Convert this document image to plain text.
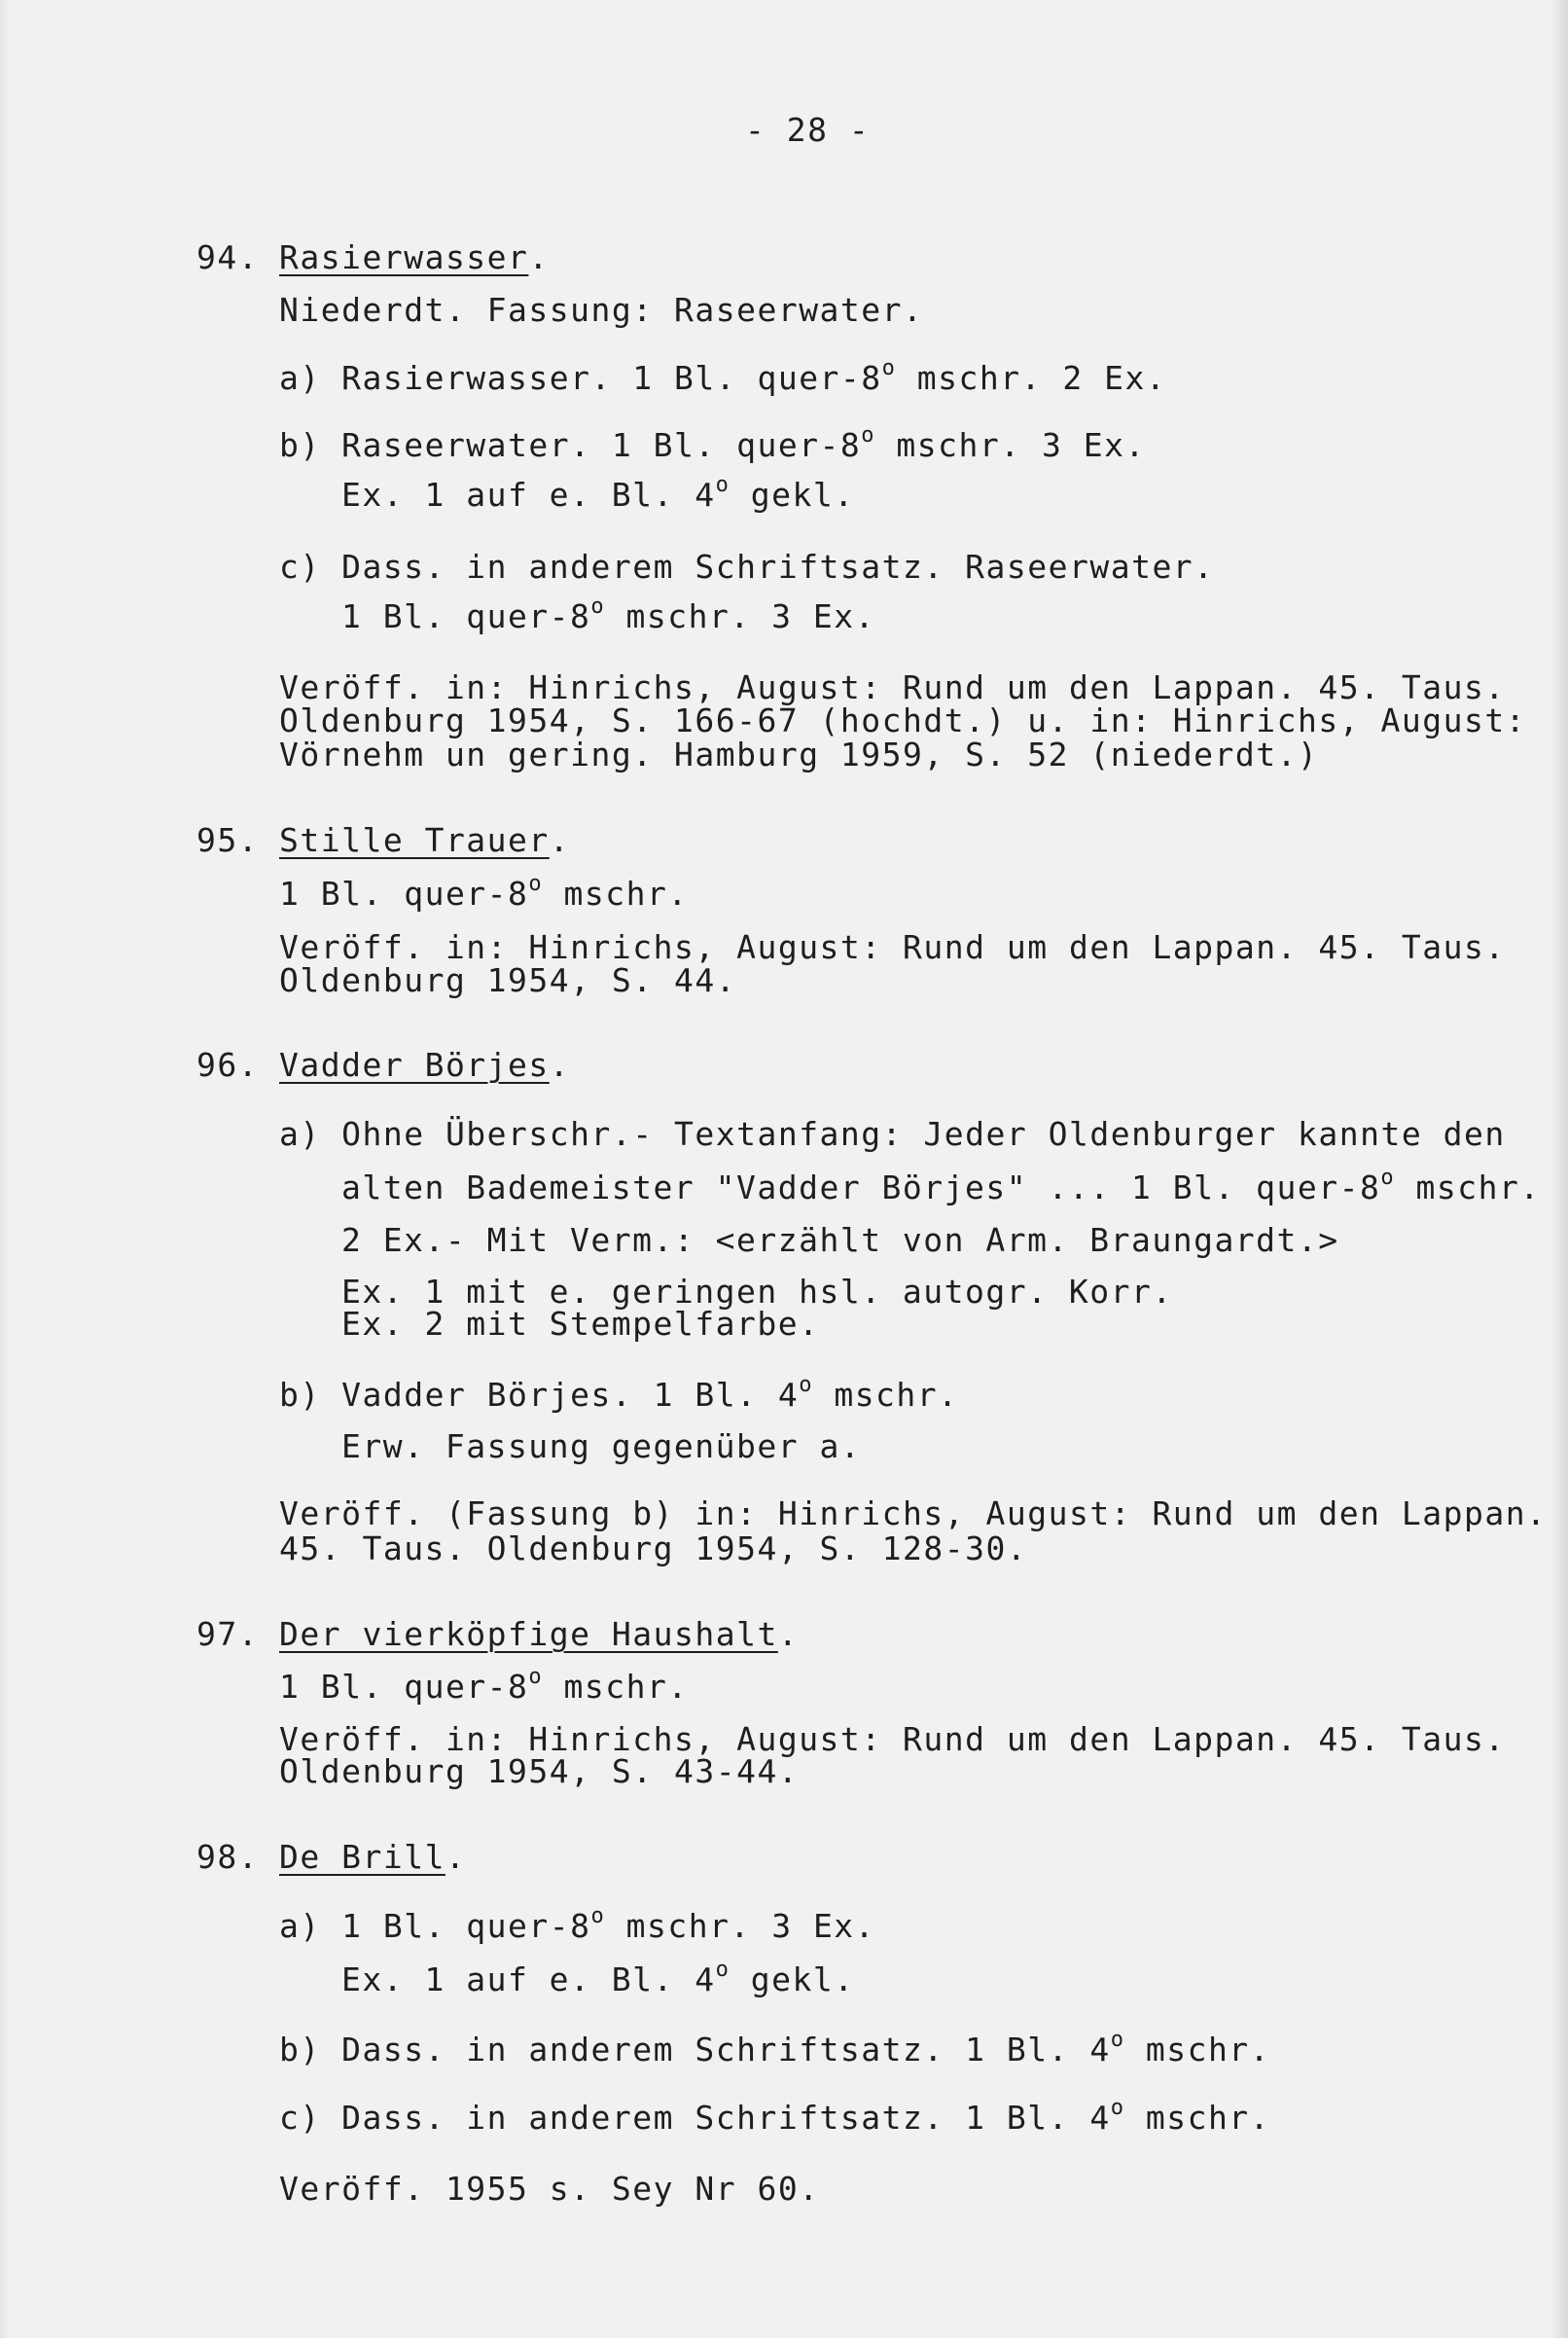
- 28 -
94. Rasierwasser.
Niederdt. Fassung: Raseerwater.
a) Rasierwasser. 1 Bl. quer-8$^o$ mschr. 2 Ex.
b) Raseerwater. 1 Bl. quer-8$^o$ mschr. 3 Ex.
Ex. 1 auf e. Bl. 4$^o$ gekl.
c) Dass. in anderem Schriftsatz. Raseerwater.
1 Bl. quer-8$^o$ mschr. 3 Ex.
Veröff. in: Hinrichs, August: Rund um den Lappan. 45. Taus.
Oldenburg 1954, S. 166-67 (hochdt.) u. in: Hinrichs, August:
Vörnehm un gering. Hamburg 1959, S. 52 (niederdt.)
95. Stille Trauer.
1 Bl. quer-8$^o$ mschr.
Veröff. in: Hinrichs, August: Rund um den Lappan. 45. Taus.
Oldenburg 1954, S. 44.
96. Vadder Börjes.
a) Ohne Überschr.- Textanfang: Jeder Oldenburger kannte den
alten Bademeister "Vadder Börjes" ... 1 Bl. quer-8$^o$ mschr.
2 Ex.- Mit Verm.: <erzählt von Arm. Braungardt.>
Ex. 1 mit e. geringen hsl. autogr. Korr.
Ex. 2 mit Stempelfarbe.
b) Vadder Börjes. 1 Bl. 4$^o$ mschr.
Erw. Fassung gegenüber a.
Veröff. (Fassung b) in: Hinrichs, August: Rund um den Lappan.
45. Taus. Oldenburg 1954, S. 128-30.
97. Der vierköpfige Haushalt.
1 Bl. quer-8$^o$ mschr.
Veröff. in: Hinrichs, August: Rund um den Lappan. 45. Taus.
Oldenburg 1954, S. 43-44.
98. De Brill.
a) 1 Bl. quer-8$^o$ mschr. 3 Ex.
Ex. 1 auf e. Bl. 4$^o$ gekl.
b) Dass. in anderem Schriftsatz. 1 Bl. 4$^o$ mschr.
c) Dass. in anderem Schriftsatz. 1 Bl. 4$^o$ mschr.
Veröff. 1955 s. Sey Nr 60.
